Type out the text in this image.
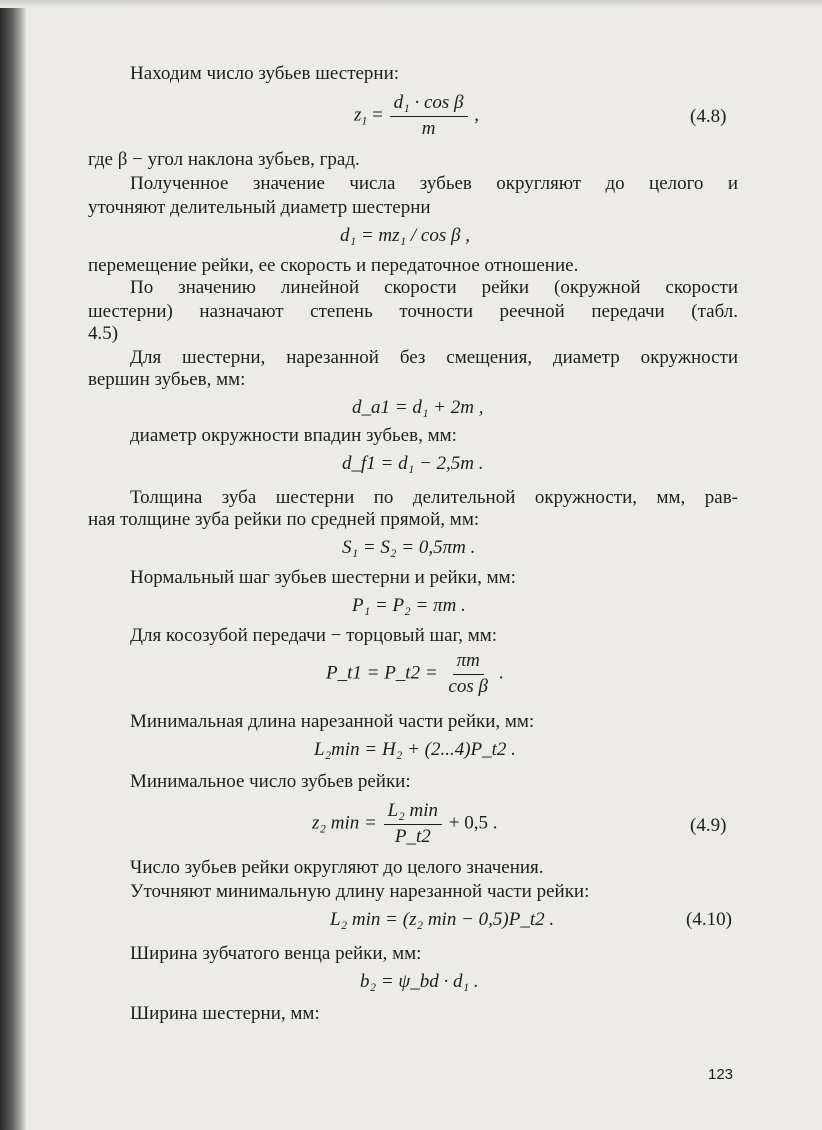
Находим число зубьев шестерни:
$z_1 = \frac{\text{d₁ · cos β}}{m}$ ,	(4.8)
где β − угол наклона зубьев, град.
Полученное значение числа зубьев округляют до целого и
уточняют делительный диаметр шестерни
d₁ = mz₁ / cos β ,
перемещение рейки, ее скорость и передаточное отношение.
По значению линейной скорости рейки (окружной скорости
шестерни) назначают степень точности реечной передачи (табл.
4.5)
Для шестерни, нарезанной без смещения, диаметр окружности
вершин зубьев, мм:
d_a1 = d₁ + 2m ,
диаметр окружности впадин зубьев, мм:
d_f1 = d₁ − 2,5m .
Толщина зуба шестерни по делительной окружности, мм, рав-
ная толщине зуба рейки по средней прямой, мм:
S₁ = S₂ = 0,5πm .
Нормальный шаг зубьев шестерни и рейки, мм:
P₁ = P₂ = πm .
Для косозубой передачи − торцовый шаг, мм:
P_t1 = P_t2 = $\frac{\pi m}{\text{cos β}}$ .
Минимальная длина нарезанной части рейки, мм:
L₂min = H₂ + (2...4)P_t2 .
Минимальное число зубьев рейки:
z₂ $\min = \frac{\text{L₂ min}}{P\_t2} + 0,5$ .	(4.9)
Число зубьев рейки округляют до целого значения.
Уточняют минимальную длину нарезанной части рейки:
L₂ min = (z₂ min − 0,5)P_t2 .	(4.10)
Ширина зубчатого венца рейки, мм:
b₂ = ψ_bd · d₁ .
Ширина шестерни, мм:
123
